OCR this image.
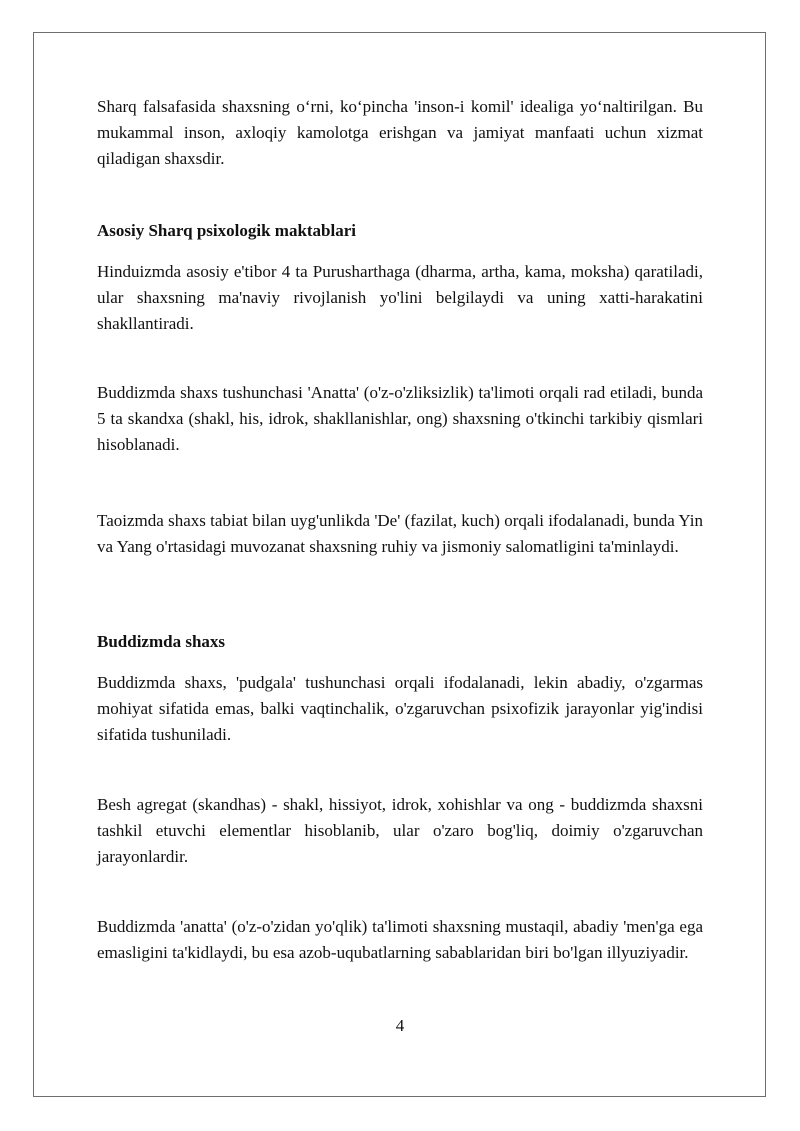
Sharq falsafasida shaxsning o‘rni, ko‘pincha 'inson-i komil' idealiga yo‘naltirilgan. Bu mukammal inson, axloqiy kamolotga erishgan va jamiyat manfaati uchun xizmat qiladigan shaxsdir.

Asosiy Sharq psixologik maktablari

Hinduizmda asosiy e'tibor 4 ta Purusharthaga (dharma, artha, kama, moksha) qaratiladi, ular shaxsning ma'naviy rivojlanish yo'lini belgilaydi va uning xatti-harakatini shakllantiradi.

Buddizmda shaxs tushunchasi 'Anatta' (o'z-o'zliksizlik) ta'limoti orqali rad etiladi, bunda 5 ta skandxa (shakl, his, idrok, shakllanishlar, ong) shaxsning o'tkinchi tarkibiy qismlari hisoblanadi.

Taoizmda shaxs tabiat bilan uyg'unlikda 'De' (fazilat, kuch) orqali ifodalanadi, bunda Yin va Yang o'rtasidagi muvozanat shaxsning ruhiy va jismoniy salomatligini ta'minlaydi.

Buddizmda shaxs

Buddizmda shaxs, 'pudgala' tushunchasi orqali ifodalanadi, lekin abadiy, o'zgarmas mohiyat sifatida emas, balki vaqtinchalik, o'zgaruvchan psixofizik jarayonlar yig'indisi sifatida tushuniladi.

Besh agregat (skandhas) - shakl, hissiyot, idrok, xohishlar va ong - buddizmda shaxsni tashkil etuvchi elementlar hisoblanib, ular o'zaro bog'liq, doimiy o'zgaruvchan jarayonlardir.

Buddizmda 'anatta' (o'z-o'zidan yo'qlik) ta'limoti shaxsning mustaqil, abadiy 'men'ga ega emasligini ta'kidlaydi, bu esa azob-uqubatlarning sabablaridan biri bo'lgan illyuziyadir.

4
